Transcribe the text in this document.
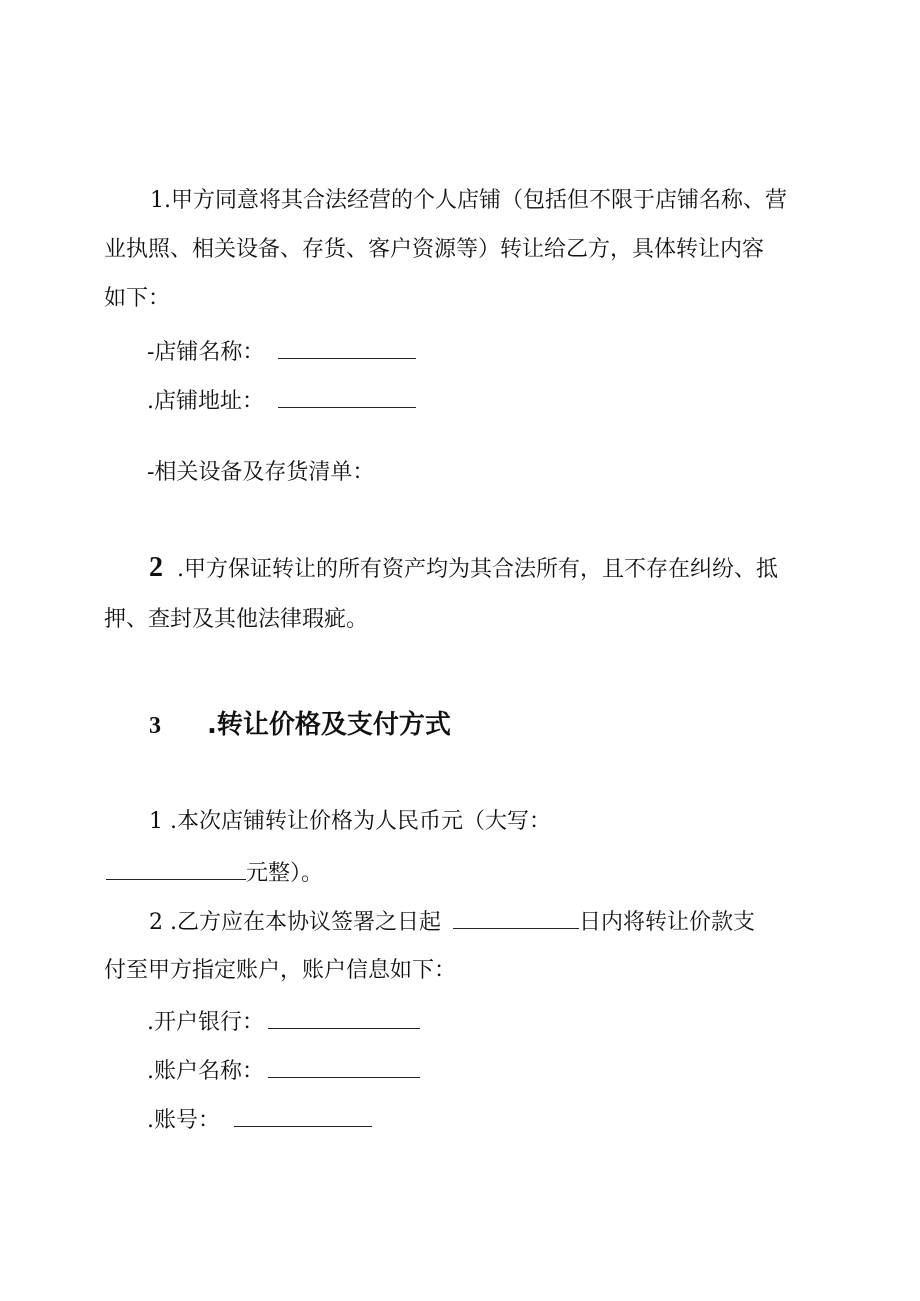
1.甲方同意将其合法经营的个人店铺（包括但不限于店铺名称、营
业执照、相关设备、存货、客户资源等）转让给乙方，具体转让内容
如下：
-店铺名称：
.店铺地址：
-相关设备及存货清单：
2 .甲方保证转让的所有资产均为其合法所有，且不存在纠纷、抵
押、查封及其他法律瑕疵。
3 .转让价格及支付方式
1 .本次店铺转让价格为人民币元（大写：
元整）。
2 .乙方应在本协议签署之日起	日内将转让价款支
付至甲方指定账户，账户信息如下：
.开户银行：
.账户名称：
.账号：
